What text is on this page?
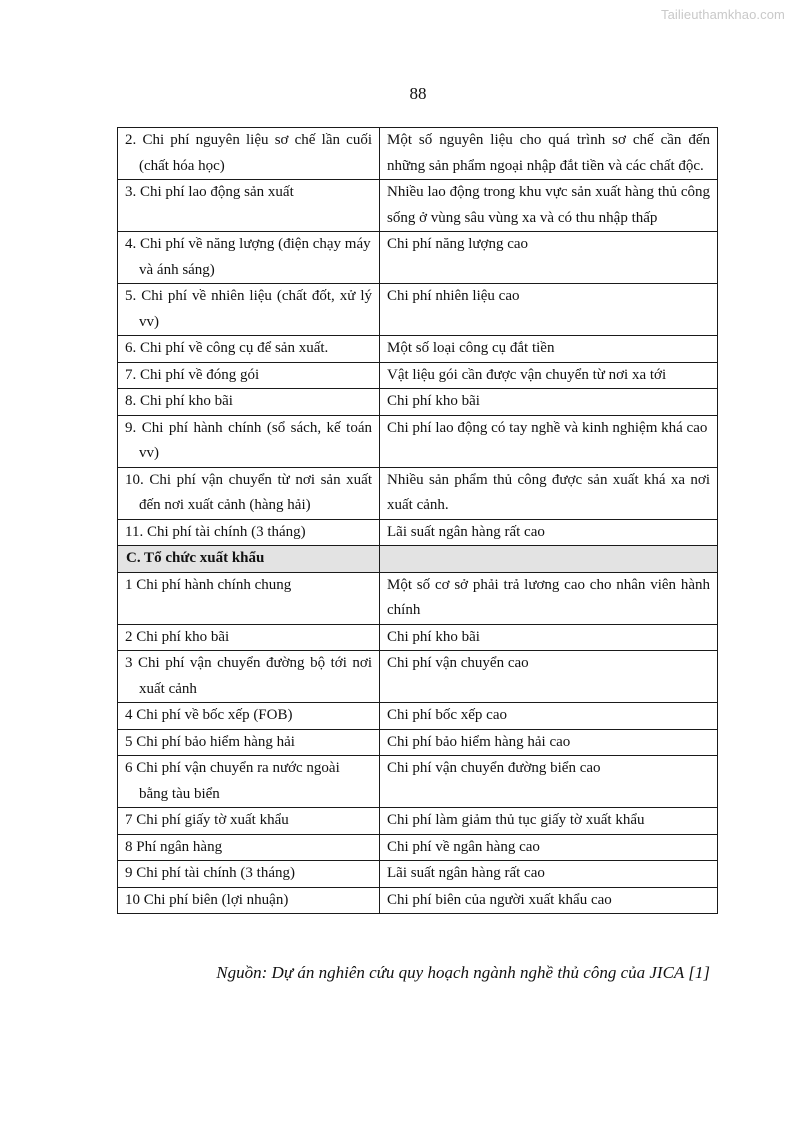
Tailieuthamkhao.com
88
2. Chi phí nguyên liệu sơ chế lần cuối (chất hóa học)	Một số nguyên liệu cho quá trình sơ chế cần đến những sản phẩm ngoại nhập đắt tiền và các chất độc.

3. Chi phí lao động sản xuất	Nhiều lao động trong khu vực sản xuất hàng thủ công sống ở vùng sâu vùng xa và có thu nhập thấp

4. Chi phí về năng lượng (điện chạy máy và ánh sáng)	Chi phí năng lượng cao

5. Chi phí về nhiên liệu (chất đốt, xử lý vv)	Chi phí nhiên liệu cao

6. Chi phí về công cụ để sản xuất.	Một số loại công cụ đắt tiền

7. Chi phí về đóng gói	Vật liệu gói cần được vận chuyển từ nơi xa tới

8. Chi phí kho bãi	Chi phí kho bãi

9. Chi phí hành chính (sổ sách, kế toán vv)	Chi phí lao động có tay nghề và kinh nghiệm khá cao

10. Chi phí vận chuyển từ nơi sản xuất đến nơi xuất cảnh (hàng hải)	Nhiều sản phẩm thủ công được sản xuất khá xa nơi xuất cảnh.

11. Chi phí tài chính (3 tháng)	Lãi suất ngân hàng rất cao

C. Tổ chức xuất khẩu	

1 Chi phí hành chính chung	Một số cơ sở phải trả lương cao cho nhân viên hành chính

2 Chi phí kho bãi	Chi phí kho bãi

3 Chi phí vận chuyển đường bộ tới nơi xuất cảnh	Chi phí vận chuyển cao

4 Chi phí về bốc xếp (FOB)	Chi phí bốc xếp cao

5 Chi phí bảo hiểm hàng hải	Chi phí bảo hiểm hàng hải cao

6 Chi phí vận chuyển ra nước ngoài bằng tàu biển	Chi phí vận chuyển đường biển cao

7 Chi phí giấy tờ xuất khẩu	Chi phí làm giảm thủ tục giấy tờ xuất khẩu

8 Phí ngân hàng	Chi phí về ngân hàng cao

9 Chi phí tài chính (3 tháng)	Lãi suất ngân hàng rất cao

10 Chi phí biên (lợi nhuận)	Chi phí biên của người xuất khẩu cao
Nguồn: Dự án nghiên cứu quy hoạch ngành nghề thủ công của JICA [1]
